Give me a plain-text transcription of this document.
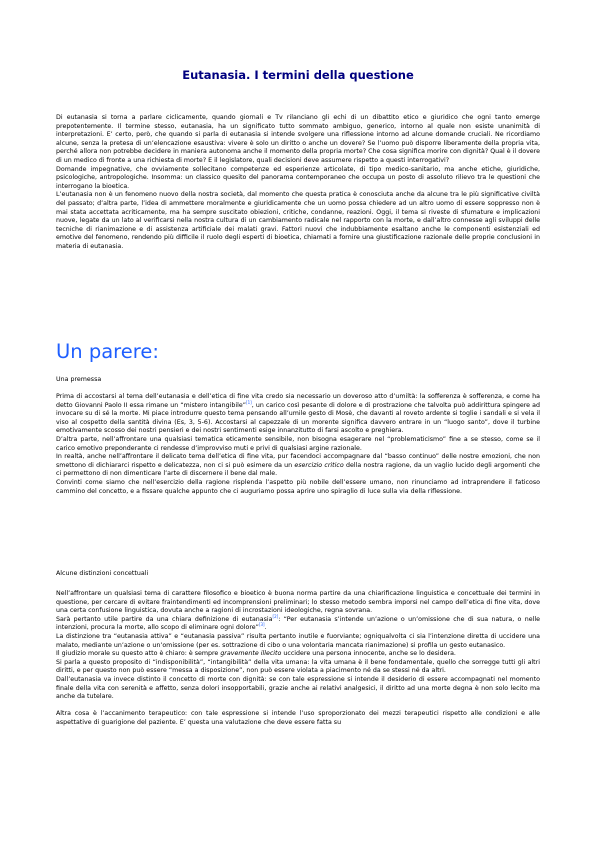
Eutanasia. I termini della questione

Di eutanasia si torna a parlare ciclicamente, quando giornali e Tv rilanciano gli echi di un dibattito etico e giuridico che ogni tanto emerge prepotentemente. Il termine stesso, eutanasia, ha un significato tutto sommato ambiguo, generico, intorno al quale non esiste unanimità di interpretazioni. E’ certo, però, che quando si parla di eutanasia si intende svolgere una riflessione intorno ad alcune domande cruciali. Ne ricordiamo alcune, senza la pretesa di un’elencazione esaustiva: vivere è solo un diritto o anche un dovere? Se l’uomo può disporre liberamente della propria vita, perché allora non potrebbe decidere in maniera autonoma anche il momento della propria morte? Che cosa significa morire con dignità? Qual è il dovere di un medico di fronte a una richiesta di morte? E il legislatore, quali decisioni deve assumere rispetto a questi interrogativi?

Domande impegnative, che ovviamente sollecitano competenze ed esperienze articolate, di tipo medico-sanitario, ma anche etiche, giuridiche, psicologiche, antropologiche. Insomma: un classico quesito del panorama contemporaneo che occupa un posto di assoluto rilievo tra le questioni che interrogano la bioetica.

L’eutanasia non è un fenomeno nuovo della nostra società, dal momento che questa pratica è conosciuta anche da alcune tra le più significative civiltà del passato; d’altra parte, l’idea di ammettere moralmente e giuridicamente che un uomo possa chiedere ad un altro uomo di essere soppresso non è mai stata accettata acriticamente, ma ha sempre suscitato obiezioni, critiche, condanne, reazioni. Oggi, il tema si riveste di sfumature e implicazioni nuove, legate da un lato al verificarsi nella nostra cultura di un cambiamento radicale nel rapporto con la morte, e dall’altro connesse agli sviluppi delle tecniche di rianimazione e di assistenza artificiale dei malati gravi. Fattori nuovi che indubbiamente esaltano anche le componenti esistenziali ed emotive del fenomeno, rendendo più difficile il ruolo degli esperti di bioetica, chiamati a fornire una giustificazione razionale delle proprie conclusioni in materia di eutanasia.

Un parere:
Una premessa

Prima di accostarsi al tema dell’eutanasia e dell’etica di fine vita credo sia necessario un doveroso atto d’umiltà: la sofferenza è sofferenza, e come ha detto Giovanni Paolo II essa rimane un “mistero intangibile”[1], un carico così pesante di dolore e di prostrazione che talvolta può addirittura spingere ad invocare su di sé la morte. Mi piace introdurre questo tema pensando all’umile gesto di Mosè, che davanti al roveto ardente si toglie i sandali e si vela il viso al cospetto della santità divina (Es, 3, 5-6). Accostarsi al capezzale di un morente significa davvero entrare in un “luogo santo”, dove il turbine emotivamente scosso dei nostri pensieri e dei nostri sentimenti esige innanzitutto di farsi ascolto e preghiera.

D’altra parte, nell’affrontare una qualsiasi tematica eticamente sensibile, non bisogna esagerare nel “problematicismo” fine a se stesso, come se il carico emotivo preponderante ci rendesse d’improvviso muti e privi di qualsiasi argine razionale.

In realtà, anche nell’affrontare il delicato tema dell’etica di fine vita, pur facendoci accompagnare dal “basso continuo” delle nostre emozioni, che non smettono di dichiararci rispetto e delicatezza, non ci si può esimere da un esercizio critico della nostra ragione, da un vaglio lucido degli argomenti che ci permettono di non dimenticare l’arte di discernere il bene dal male.

Convinti come siamo che nell’esercizio della ragione risplenda l’aspetto più nobile dell’essere umano, non rinunciamo ad intraprendere il faticoso cammino del concetto, e a fissare qualche appunto che ci auguriamo possa aprire uno spiraglio di luce sulla via della riflessione.

Alcune distinzioni concettuali

Nell’affrontare un qualsiasi tema di carattere filosofico e bioetico è buona norma partire da una chiarificazione linguistica e concettuale dei termini in questione, per cercare di evitare fraintendimenti ed incomprensioni preliminari; lo stesso metodo sembra imporsi nel campo dell’etica di fine vita, dove una certa confusione linguistica, dovuta anche a ragioni di incrostazioni ideologiche, regna sovrana.

Sarà pertanto utile partire da una chiara definizione di eutanasia[2]: “Per eutanasia s’intende un’azione o un’omissione che di sua natura, o nelle intenzioni, procura la morte, allo scopo di eliminare ogni dolore”[3].

La distinzione tra “eutanasia attiva” e “eutanasia passiva” risulta pertanto inutile e fuorviante; ogniqualvolta ci sia l’intenzione diretta di uccidere una malato, mediante un’azione o un’omissione (per es. sottrazione di cibo o una volontaria mancata rianimazione) si profila un gesto eutanasico.

Il giudizio morale su questo atto è chiaro: è sempre gravemente illecito uccidere una persona innocente, anche se lo desidera.

Si parla a questo proposito di “indisponibilità”, “intangibilità” della vita umana: la vita umana è il bene fondamentale, quello che sorregge tutti gli altri diritti, e per questo non può essere “messa a disposizione”, non può essere violata a piacimento né da se stessi né da altri.

Dall’eutanasia va invece distinto il concetto di morte con dignità: se con tale espressione si intende il desiderio di essere accompagnati nel momento finale della vita con serenità e affetto, senza dolori insopportabili, grazie anche ai relativi analgesici, il diritto ad una morte degna è non solo lecito ma anche da tutelare.

Altra cosa è l’accanimento terapeutico: con tale espressione si intende l’uso sproporzionato dei mezzi terapeutici rispetto alle condizioni e alle aspettative di guarigione del paziente. E’ questa una valutazione che deve essere fatta su
